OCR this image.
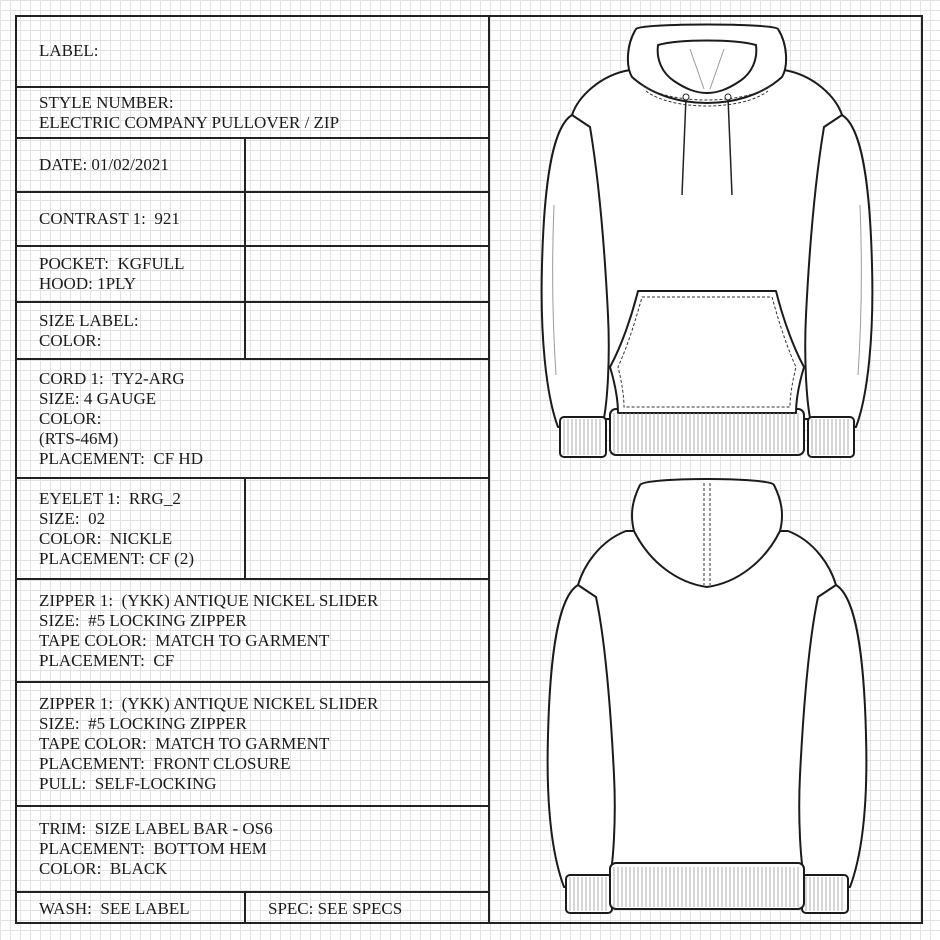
LABEL:
STYLE NUMBER:
ELECTRIC COMPANY PULLOVER / ZIP
DATE: 01/02/2021
CONTRAST 1:  921
POCKET:  KGFULL
HOOD: 1PLY
SIZE LABEL:
COLOR:
CORD 1:  TY2-ARG
SIZE: 4 GAUGE
COLOR:
(RTS-46M)
PLACEMENT:  CF HD
EYELET 1:  RRG_2
SIZE:  02
COLOR:  NICKLE
PLACEMENT: CF (2)
ZIPPER 1:  (YKK) ANTIQUE NICKEL SLIDER
SIZE:  #5 LOCKING ZIPPER
TAPE COLOR:  MATCH TO GARMENT
PLACEMENT:  CF
ZIPPER 1:  (YKK) ANTIQUE NICKEL SLIDER
SIZE:  #5 LOCKING ZIPPER
TAPE COLOR:  MATCH TO GARMENT
PLACEMENT:  FRONT CLOSURE
PULL:  SELF-LOCKING
TRIM:  SIZE LABEL BAR - OS6
PLACEMENT:  BOTTOM HEM
COLOR:  BLACK
WASH:  SEE LABEL	SPEC: SEE SPECS
